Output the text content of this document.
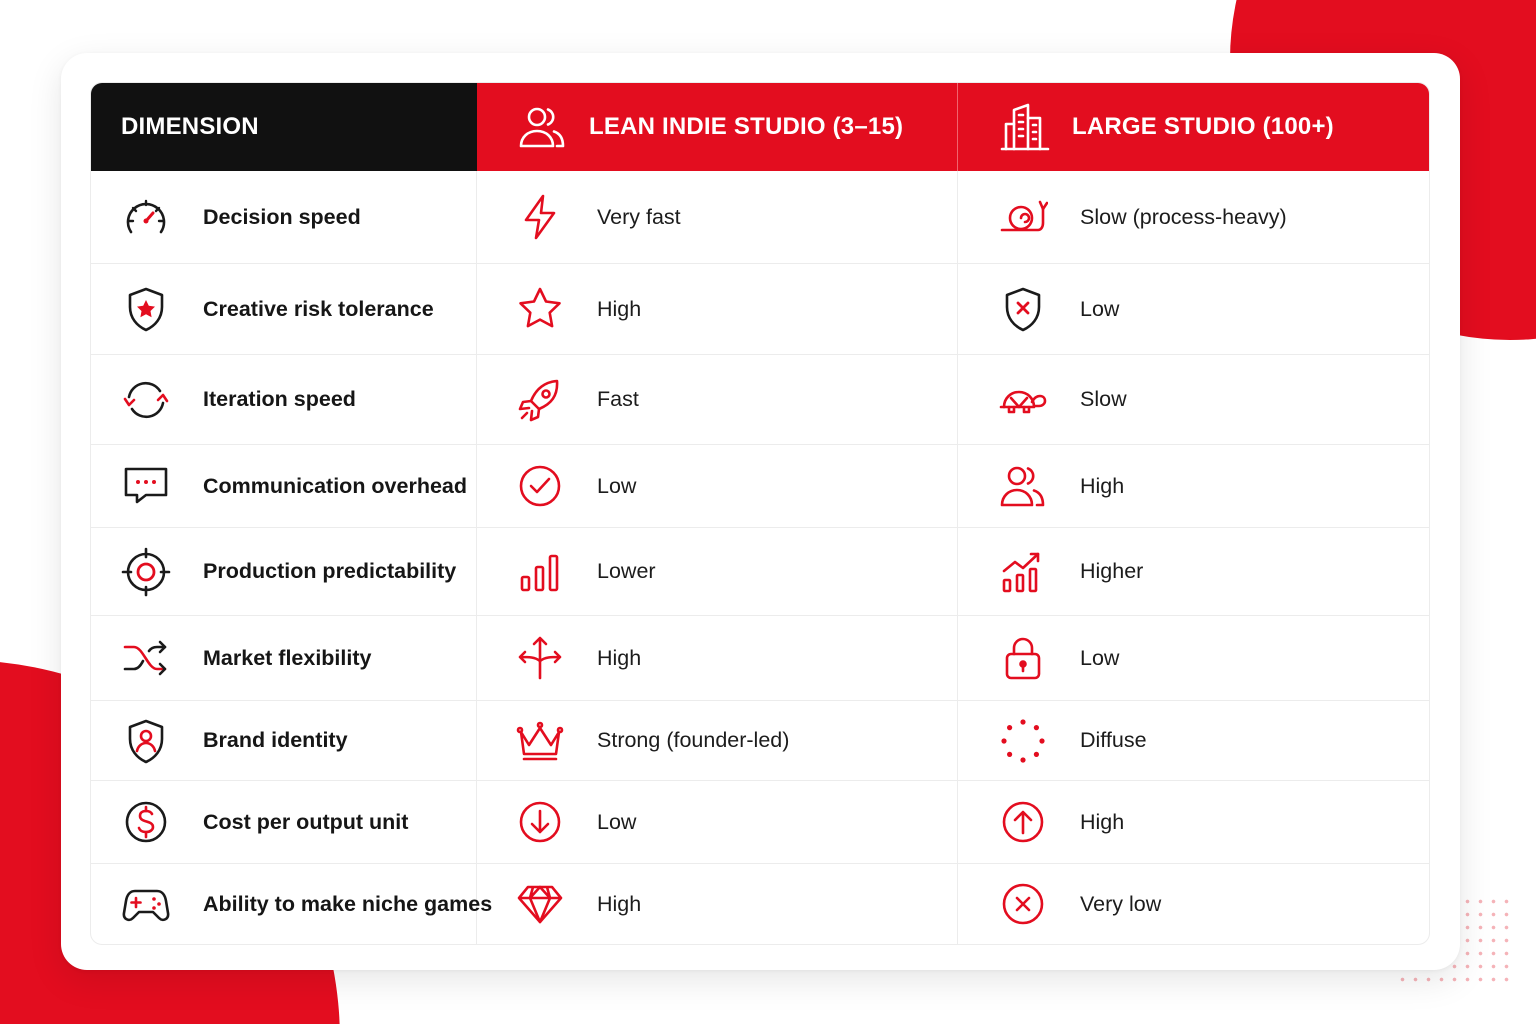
DIMENSION	LEAN INDIE STUDIO (3–15)	LARGE STUDIO (100+)
Decision speed	Very fast	Slow (process-heavy)
Creative risk tolerance	High	Low
Iteration speed	Fast	Slow
Communication overhead	Low	High
Production predictability	Lower	Higher
Market flexibility	High	Low
Brand identity	Strong (founder-led)	Diffuse
Cost per output unit	Low	High
Ability to make niche games	High	Very low
